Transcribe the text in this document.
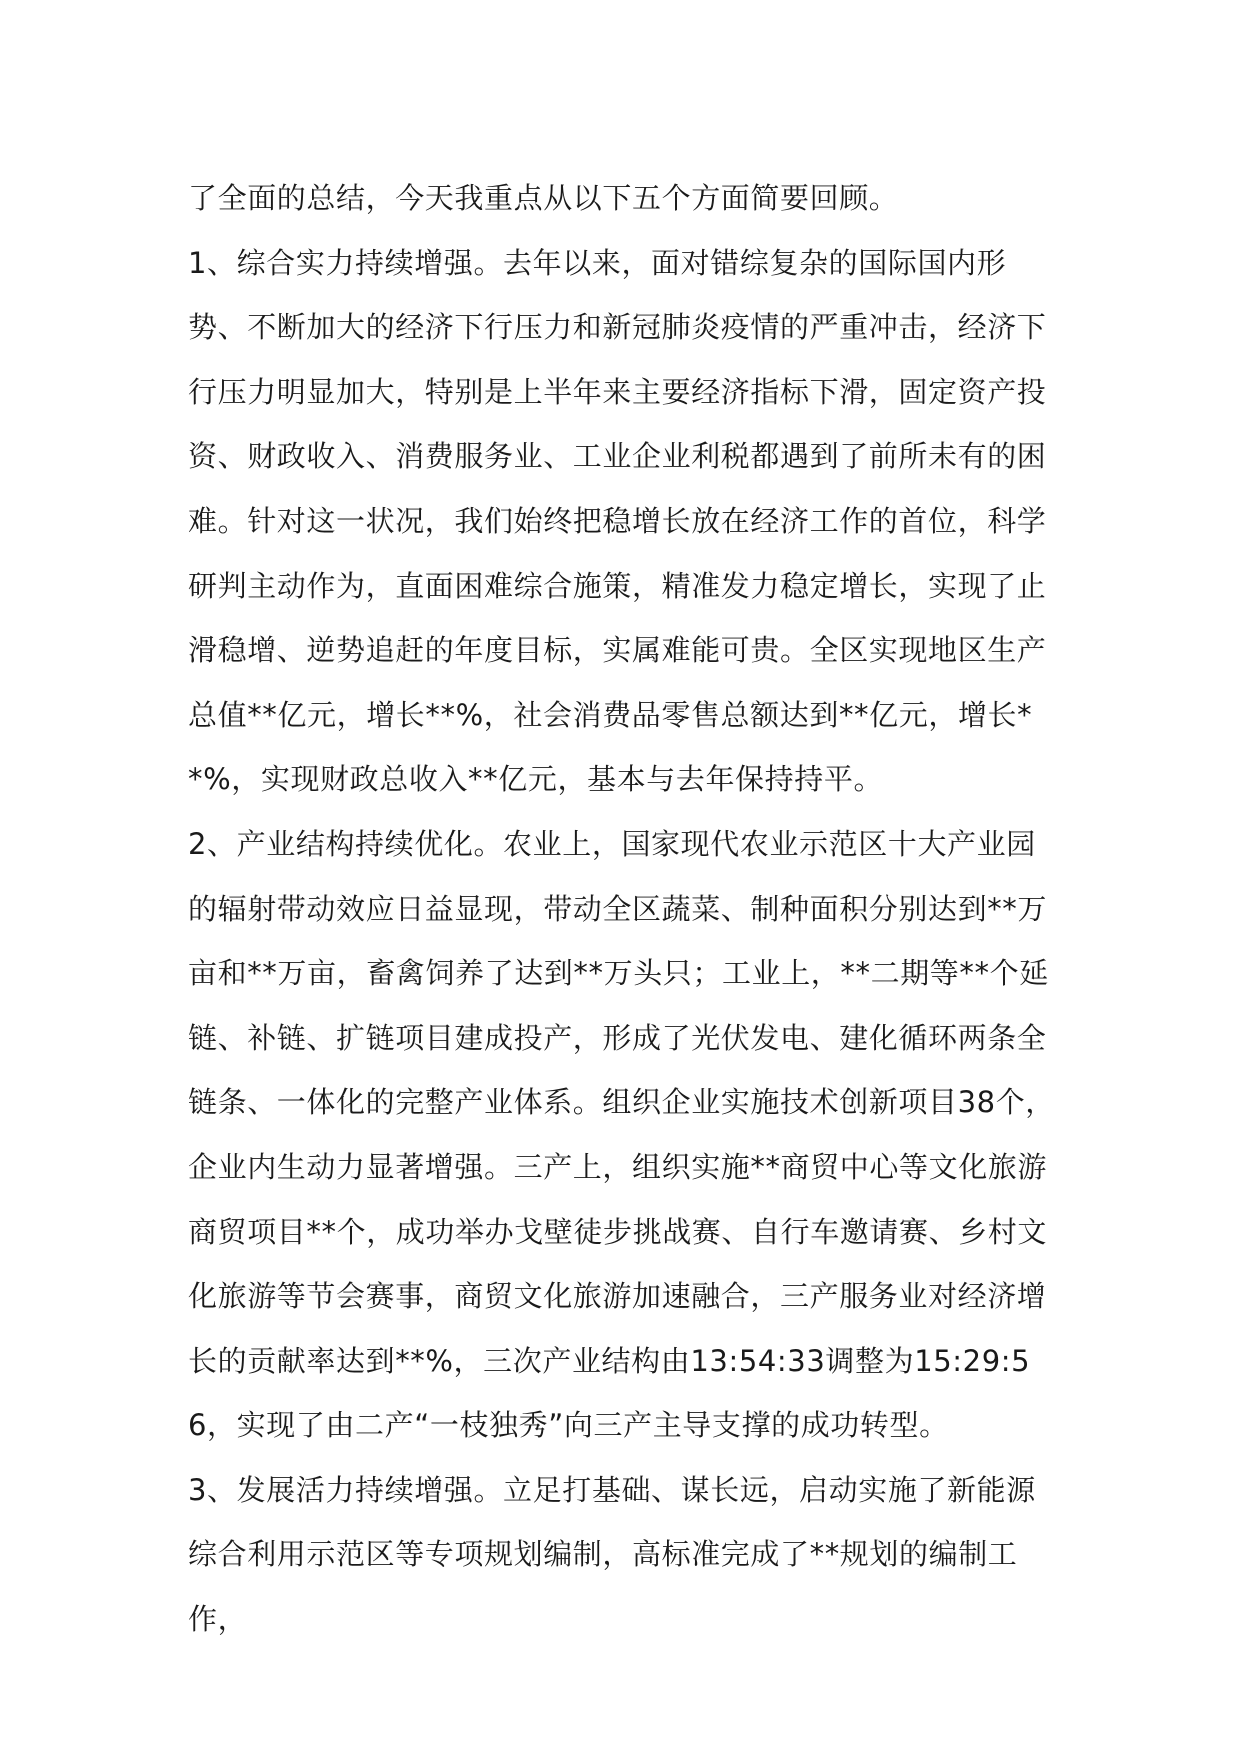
了全面的总结，今天我重点从以下五个方面简要回顾。

1、综合实力持续增强。去年以来，面对错综复杂的国际国内形势、不断加大的经济下行压力和新冠肺炎疫情的严重冲击，经济下行压力明显加大，特别是上半年来主要经济指标下滑，固定资产投资、财政收入、消费服务业、工业企业利税都遇到了前所未有的困难。针对这一状况，我们始终把稳增长放在经济工作的首位，科学研判主动作为，直面困难综合施策，精准发力稳定增长，实现了止滑稳增、逆势追赶的年度目标，实属难能可贵。全区实现地区生产总值**亿元，增长**%，社会消费品零售总额达到**亿元，增长**%，实现财政总收入**亿元，基本与去年保持持平。

2、产业结构持续优化。农业上，国家现代农业示范区十大产业园的辐射带动效应日益显现，带动全区蔬菜、制种面积分别达到**万亩和**万亩，畜禽饲养了达到**万头只；工业上，**二期等**个延链、补链、扩链项目建成投产，形成了光伏发电、建化循环两条全链条、一体化的完整产业体系。组织企业实施技术创新项目38个，企业内生动力显著增强。三产上，组织实施**商贸中心等文化旅游商贸项目**个，成功举办戈壁徒步挑战赛、自行车邀请赛、乡村文化旅游等节会赛事，商贸文化旅游加速融合，三产服务业对经济增长的贡献率达到**%，三次产业结构由13:54:33调整为15:29:56，实现了由二产“一枝独秀”向三产主导支撑的成功转型。

3、发展活力持续增强。立足打基础、谋长远，启动实施了新能源综合利用示范区等专项规划编制，高标准完成了**规划的编制工作，
